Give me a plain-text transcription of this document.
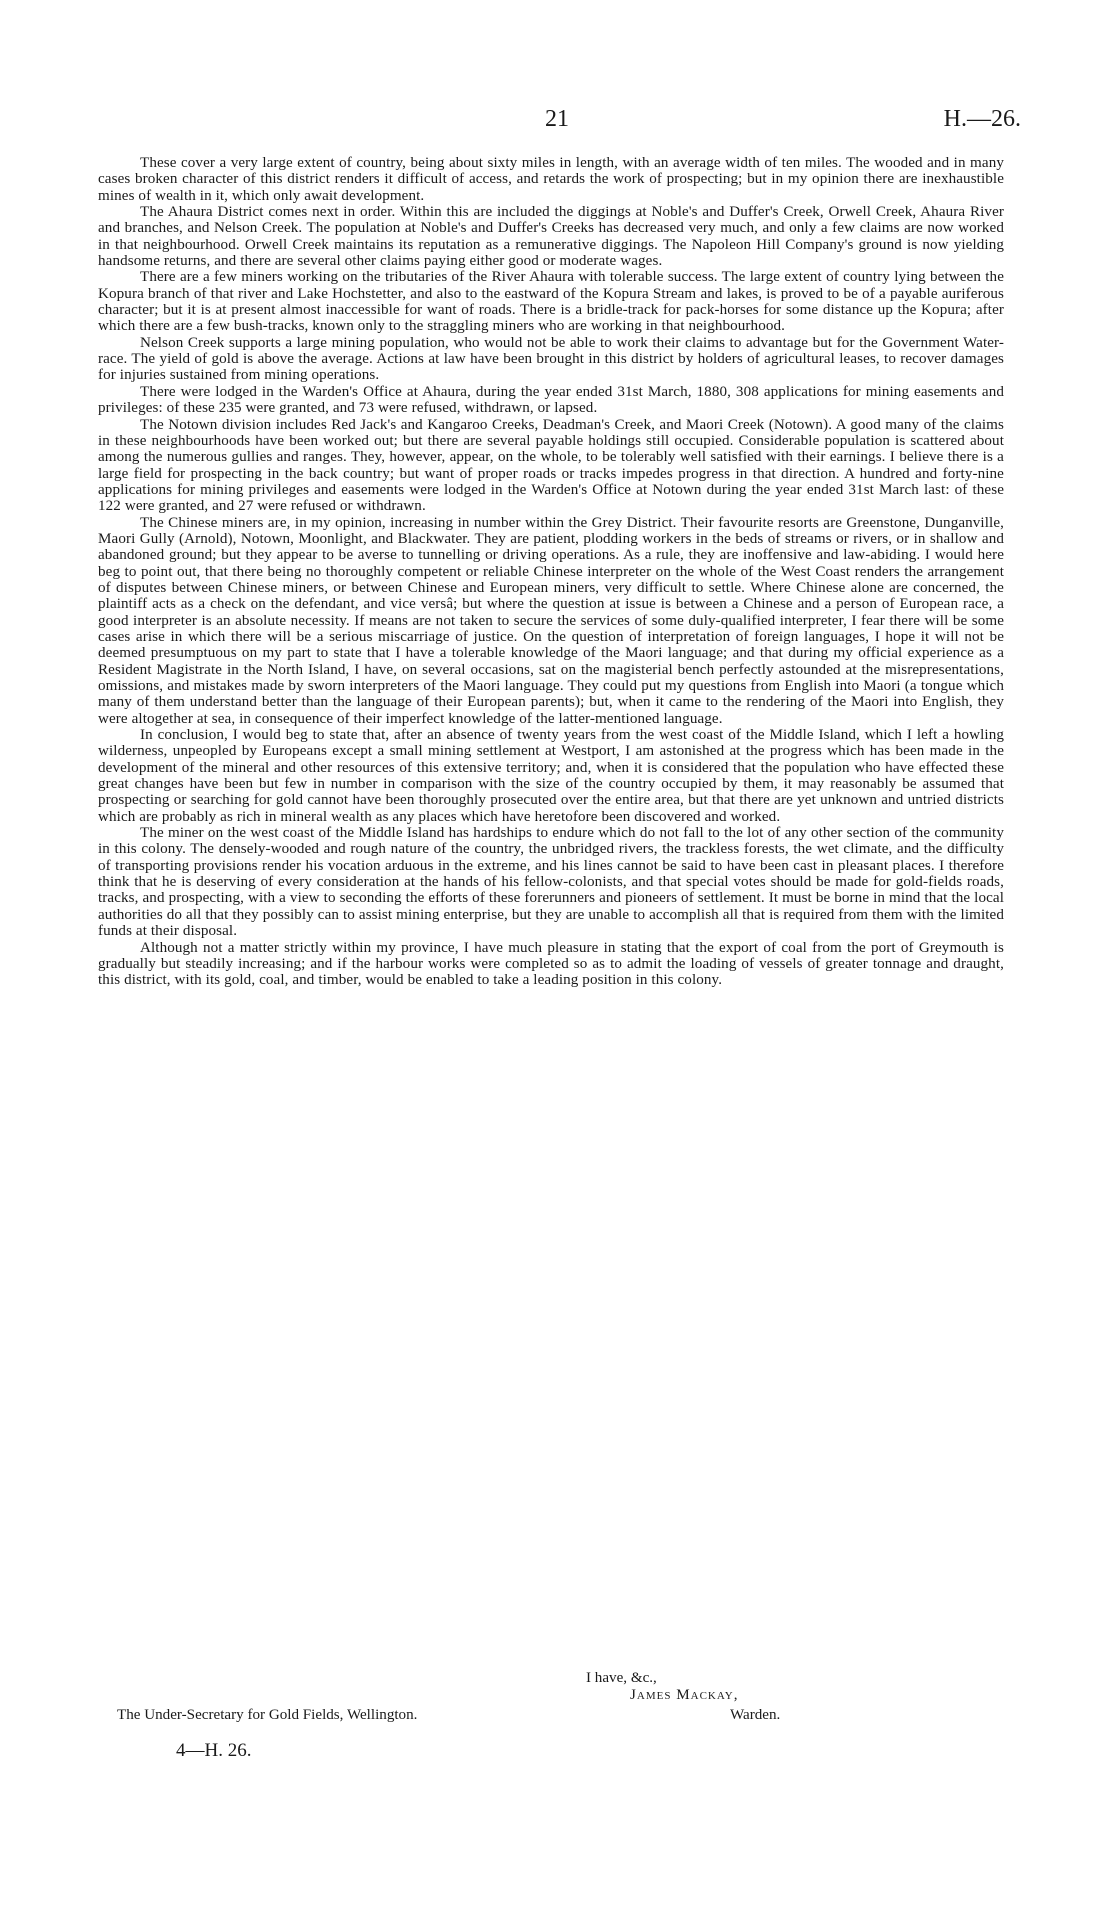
21	H.—26.

These cover a very large extent of country, being about sixty miles in length, with an average width of ten miles. The wooded and in many cases broken character of this district renders it difficult of access, and retards the work of prospecting; but in my opinion there are inexhaustible mines of wealth in it, which only await development.

The Ahaura District comes next in order. Within this are included the diggings at Noble's and Duffer's Creek, Orwell Creek, Ahaura River and branches, and Nelson Creek. The population at Noble's and Duffer's Creeks has decreased very much, and only a few claims are now worked in that neighbourhood. Orwell Creek maintains its reputation as a remunerative diggings. The Napoleon Hill Company's ground is now yielding handsome returns, and there are several other claims paying either good or moderate wages.

There are a few miners working on the tributaries of the River Ahaura with tolerable success. The large extent of country lying between the Kopura branch of that river and Lake Hochstetter, and also to the eastward of the Kopura Stream and lakes, is proved to be of a payable auriferous character; but it is at present almost inaccessible for want of roads. There is a bridle-track for pack-horses for some distance up the Kopura; after which there are a few bush-tracks, known only to the straggling miners who are working in that neighbourhood.

Nelson Creek supports a large mining population, who would not be able to work their claims to advantage but for the Government Water-race. The yield of gold is above the average. Actions at law have been brought in this district by holders of agricultural leases, to recover damages for injuries sustained from mining operations.

There were lodged in the Warden's Office at Ahaura, during the year ended 31st March, 1880, 308 applications for mining easements and privileges: of these 235 were granted, and 73 were refused, withdrawn, or lapsed.

The Notown division includes Red Jack's and Kangaroo Creeks, Deadman's Creek, and Maori Creek (Notown). A good many of the claims in these neighbourhoods have been worked out; but there are several payable holdings still occupied. Considerable population is scattered about among the numerous gullies and ranges. They, however, appear, on the whole, to be tolerably well satisfied with their earnings. I believe there is a large field for prospecting in the back country; but want of proper roads or tracks impedes progress in that direction. A hundred and forty-nine applications for mining privileges and easements were lodged in the Warden's Office at Notown during the year ended 31st March last: of these 122 were granted, and 27 were refused or withdrawn.

The Chinese miners are, in my opinion, increasing in number within the Grey District. Their favourite resorts are Greenstone, Dunganville, Maori Gully (Arnold), Notown, Moonlight, and Blackwater. They are patient, plodding workers in the beds of streams or rivers, or in shallow and abandoned ground; but they appear to be averse to tunnelling or driving operations. As a rule, they are inoffensive and law-abiding. I would here beg to point out, that there being no thoroughly competent or reliable Chinese interpreter on the whole of the West Coast renders the arrangement of disputes between Chinese miners, or between Chinese and European miners, very difficult to settle. Where Chinese alone are concerned, the plaintiff acts as a check on the defendant, and vice versâ; but where the question at issue is between a Chinese and a person of European race, a good interpreter is an absolute necessity. If means are not taken to secure the services of some duly-qualified interpreter, I fear there will be some cases arise in which there will be a serious miscarriage of justice. On the question of interpretation of foreign languages, I hope it will not be deemed presumptuous on my part to state that I have a tolerable knowledge of the Maori language; and that during my official experience as a Resident Magistrate in the North Island, I have, on several occasions, sat on the magisterial bench perfectly astounded at the misrepresentations, omissions, and mistakes made by sworn interpreters of the Maori language. They could put my questions from English into Maori (a tongue which many of them understand better than the language of their European parents); but, when it came to the rendering of the Maori into English, they were altogether at sea, in consequence of their imperfect knowledge of the latter-mentioned language.

In conclusion, I would beg to state that, after an absence of twenty years from the west coast of the Middle Island, which I left a howling wilderness, unpeopled by Europeans except a small mining settlement at Westport, I am astonished at the progress which has been made in the development of the mineral and other resources of this extensive territory; and, when it is considered that the population who have effected these great changes have been but few in number in comparison with the size of the country occupied by them, it may reasonably be assumed that prospecting or searching for gold cannot have been thoroughly prosecuted over the entire area, but that there are yet unknown and untried districts which are probably as rich in mineral wealth as any places which have heretofore been discovered and worked.

The miner on the west coast of the Middle Island has hardships to endure which do not fall to the lot of any other section of the community in this colony. The densely-wooded and rough nature of the country, the unbridged rivers, the trackless forests, the wet climate, and the difficulty of transporting provisions render his vocation arduous in the extreme, and his lines cannot be said to have been cast in pleasant places. I therefore think that he is deserving of every consideration at the hands of his fellow-colonists, and that special votes should be made for gold-fields roads, tracks, and prospecting, with a view to seconding the efforts of these forerunners and pioneers of settlement. It must be borne in mind that the local authorities do all that they possibly can to assist mining enterprise, but they are unable to accomplish all that is required from them with the limited funds at their disposal.

Although not a matter strictly within my province, I have much pleasure in stating that the export of coal from the port of Greymouth is gradually but steadily increasing; and if the harbour works were completed so as to admit the loading of vessels of greater tonnage and draught, this district, with its gold, coal, and timber, would be enabled to take a leading position in this colony.

I have, &c.,
James Mackay,
The Under-Secretary for Gold Fields, Wellington.	Warden.
4—H. 26.
